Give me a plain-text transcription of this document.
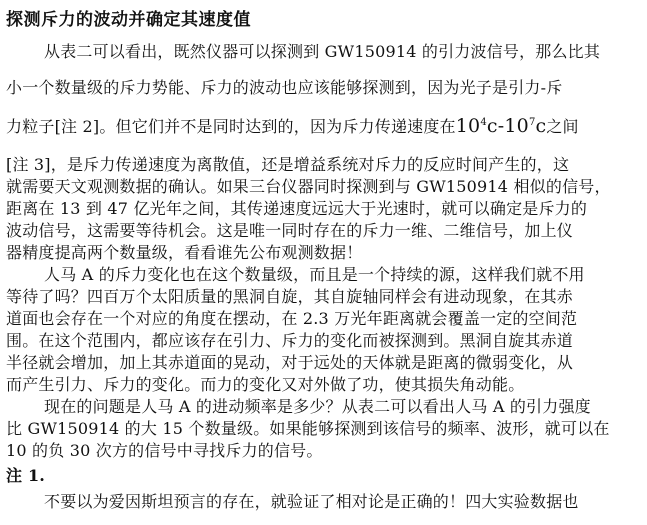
探测斥力的波动并确定其速度值
从表二可以看出，既然仪器可以探测到 GW150914 的引力波信号，那么比其
小一个数量级的斥力势能、斥力的波动也应该能够探测到，因为光子是引力-斥
力粒子[注 2]。但它们并不是同时达到的，因为斥力传递速度在$10^4c-10^7c$之间
[注 3]，是斥力传递速度为离散值，还是增益系统对斥力的反应时间产生的，这
就需要天文观测数据的确认。如果三台仪器同时探测到与 GW150914 相似的信号，
距离在 13 到 47 亿光年之间，其传递速度远远大于光速时，就可以确定是斥力的
波动信号，这需要等待机会。这是唯一同时存在的斥力一维、二维信号，加上仪
器精度提高两个数量级，看看谁先公布观测数据！
人马 A 的斥力变化也在这个数量级，而且是一个持续的源，这样我们就不用
等待了吗？四百万个太阳质量的黑洞自旋，其自旋轴同样会有进动现象，在其赤
道面也会存在一个对应的角度在摆动，在 2.3 万光年距离就会覆盖一定的空间范
围。在这个范围内，都应该存在引力、斥力的变化而被探测到。黑洞自旋其赤道
半径就会增加，加上其赤道面的晃动，对于远处的天体就是距离的微弱变化，从
而产生引力、斥力的变化。而力的变化又对外做了功，使其损失角动能。
现在的问题是人马 A 的进动频率是多少？从表二可以看出人马 A 的引力强度
比 GW150914 的大 15 个数量级。如果能够探测到该信号的频率、波形，就可以在
10 的负 30 次方的信号中寻找斥力的信号。
注 1.
不要以为爱因斯坦预言的存在，就验证了相对论是正确的！四大实验数据也
